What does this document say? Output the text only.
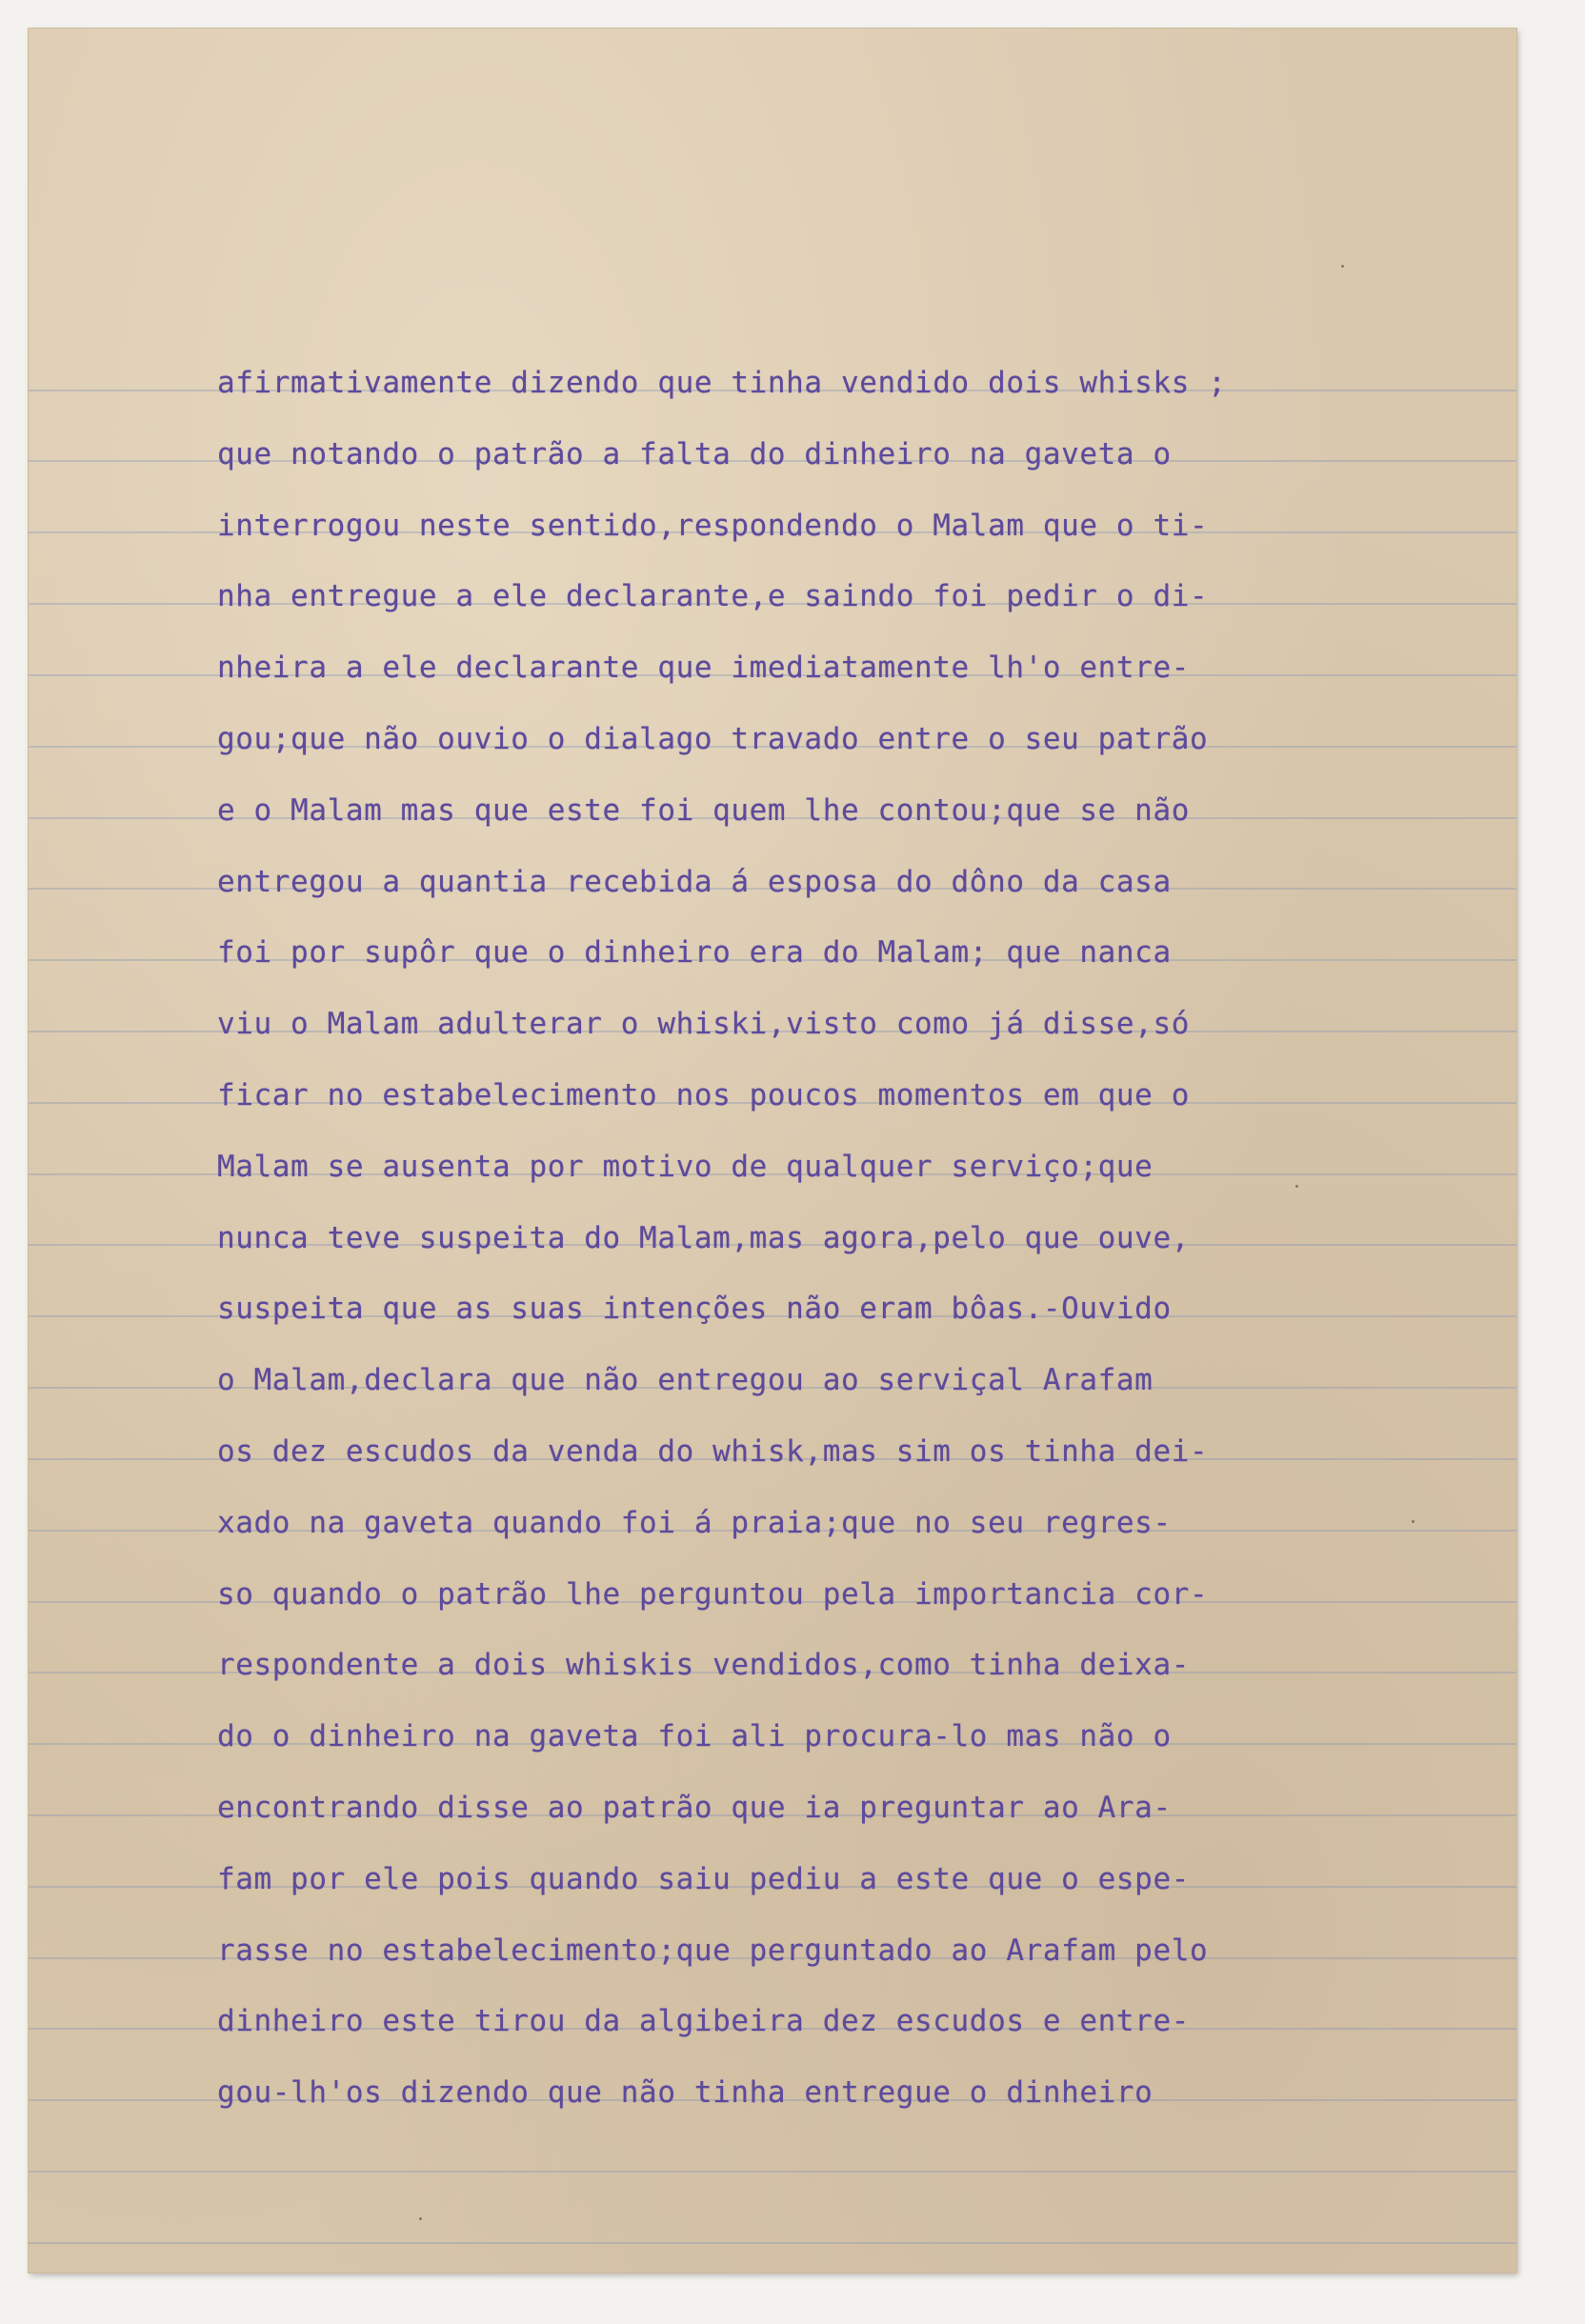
afirmativamente dizendo que tinha vendido dois whisks ;
que notando o patrão a falta do dinheiro na gaveta o
interrogou neste sentido,respondendo o Malam que o ti-
nha entregue a ele declarante,e saindo foi pedir o di-
nheira a ele declarante que imediatamente lh'o entre-
gou;que não ouvio o dialago travado entre o seu patrão
e o Malam mas que este foi quem lhe contou;que se não
entregou a quantia recebida á esposa do dôno da casa
foi por supôr que o dinheiro era do Malam; que nanca
viu o Malam adulterar o whiski,visto como já disse,só
ficar no estabelecimento nos poucos momentos em que o
Malam se ausenta por motivo de qualquer serviço;que
nunca teve suspeita do Malam,mas agora,pelo que ouve,
suspeita que as suas intenções não eram bôas.-Ouvido
o Malam,declara que não entregou ao serviçal Arafam
os dez escudos da venda do whisk,mas sim os tinha dei-
xado na gaveta quando foi á praia;que no seu regres-
so quando o patrão lhe perguntou pela importancia cor-
respondente a dois whiskis vendidos,como tinha deixa-
do o dinheiro na gaveta foi ali procura-lo mas não o
encontrando disse ao patrão que ia preguntar ao Ara-
fam por ele pois quando saiu pediu a este que o espe-
rasse no estabelecimento;que perguntado ao Arafam pelo
dinheiro este tirou da algibeira dez escudos e entre-
gou-lh'os dizendo que não tinha entregue o dinheiro
